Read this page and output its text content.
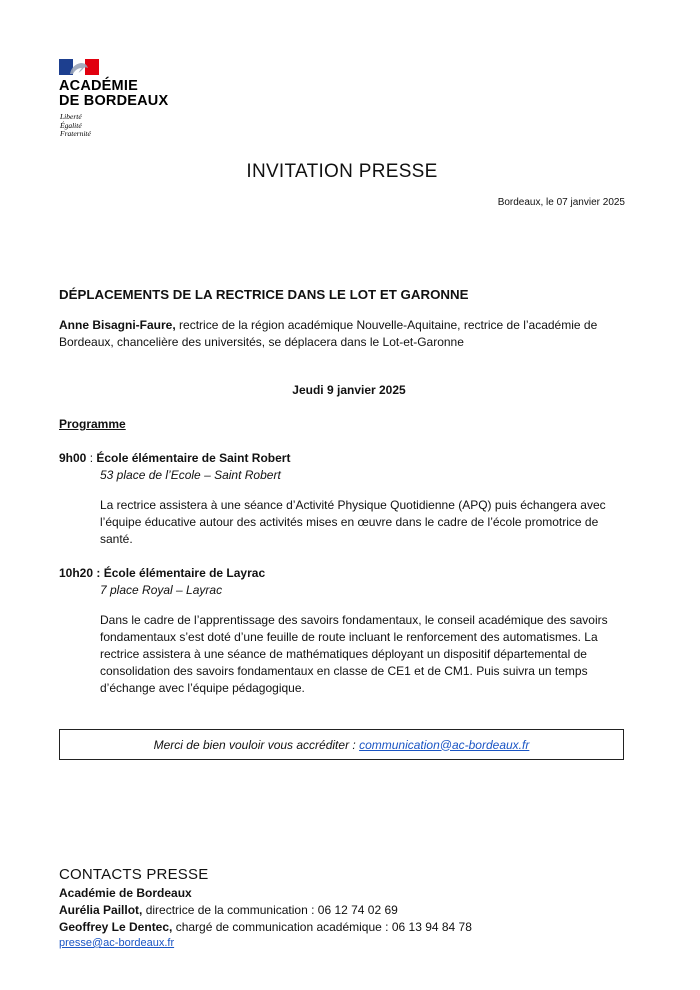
ACADÉMIE
DE BORDEAUX
Liberté
Égalité
Fraternité
INVITATION PRESSE
Bordeaux, le 07 janvier 2025
DÉPLACEMENTS DE LA RECTRICE DANS LE LOT ET GARONNE
Anne Bisagni-Faure, rectrice de la région académique Nouvelle-Aquitaine, rectrice de l’académie de Bordeaux, chancelière des universités, se déplacera dans le Lot-et-Garonne
Jeudi 9 janvier 2025
Programme
9h00 : École élémentaire de Saint Robert
53 place de l’Ecole – Saint Robert
La rectrice assistera à une séance d’Activité Physique Quotidienne (APQ) puis échangera avec l’équipe éducative autour des activités mises en œuvre dans le cadre de l’école promotrice de santé.
10h20 : École élémentaire de Layrac
7 place Royal – Layrac
Dans le cadre de l’apprentissage des savoirs fondamentaux, le conseil académique des savoirs fondamentaux s’est doté d’une feuille de route incluant le renforcement des automatismes. La rectrice assistera à une séance de mathématiques déployant un dispositif départemental de consolidation des savoirs fondamentaux en classe de CE1 et de CM1. Puis suivra un temps d’échange avec l’équipe pédagogique.
Merci de bien vouloir vous accréditer :
communication@ac-bordeaux.fr
CONTACTS PRESSE
Académie de Bordeaux
Aurélia Paillot, directrice de la communication : 06 12 74 02 69
Geoffrey Le Dentec, chargé de communication académique : 06 13 94 84 78
presse@ac-bordeaux.fr
